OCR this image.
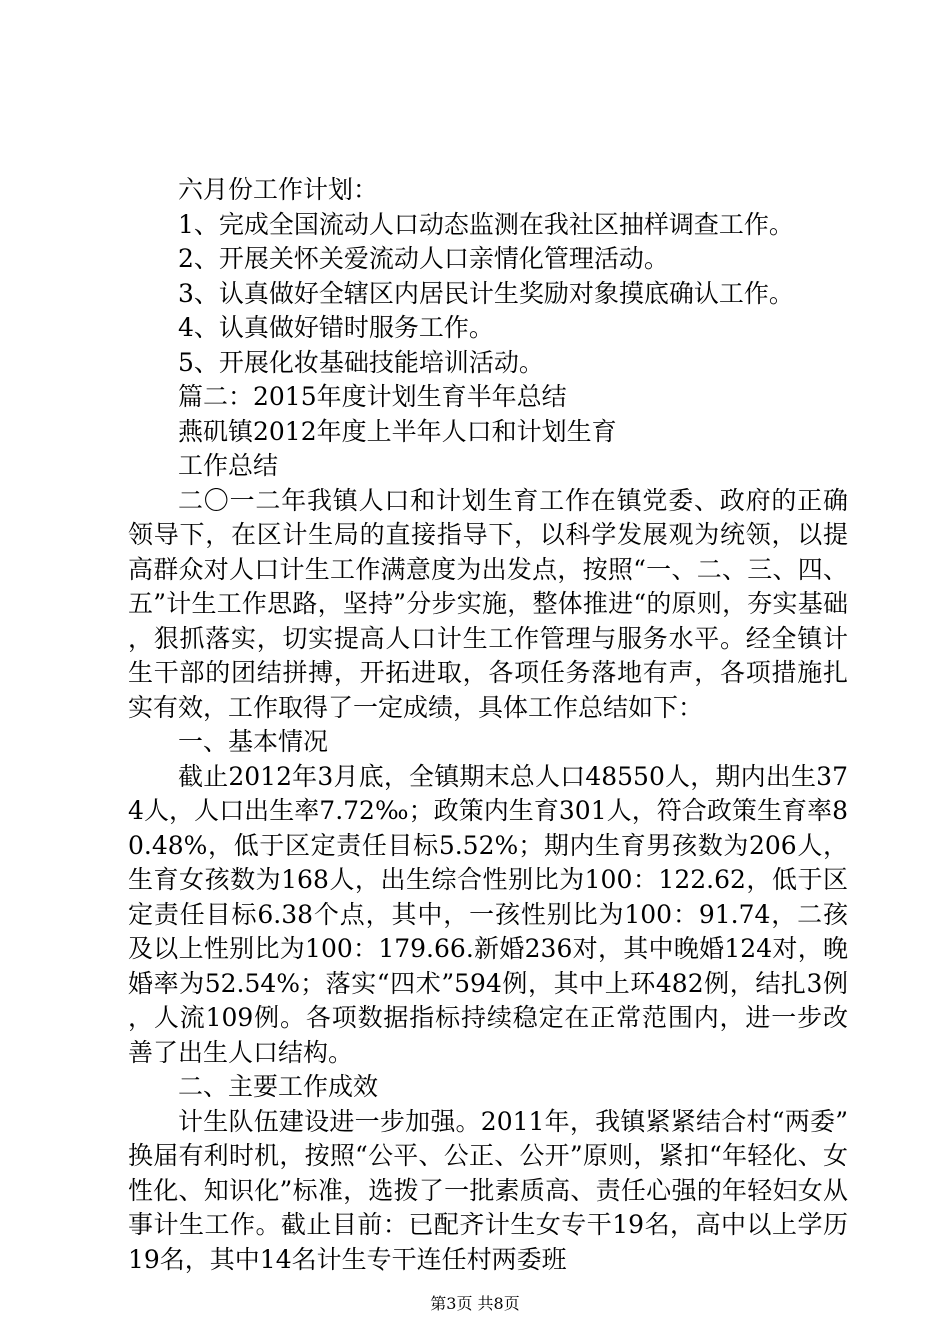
六月份工作计划：

1、完成全国流动人口动态监测在我社区抽样调查工作。

2、开展关怀关爱流动人口亲情化管理活动。

3、认真做好全辖区内居民计生奖励对象摸底确认工作。

4、认真做好错时服务工作。

5、开展化妆基础技能培训活动。

篇二：2015年度计划生育半年总结

燕矶镇2012年度上半年人口和计划生育

工作总结

二〇一二年我镇人口和计划生育工作在镇党委、政府的正确领导下，在区计生局的直接指导下，以科学发展观为统领，以提高群众对人口计生工作满意度为出发点，按照“一、二、三、四、五”计生工作思路，坚持”分步实施，整体推进“的原则，夯实基础，狠抓落实，切实提高人口计生工作管理与服务水平。经全镇计生干部的团结拼搏，开拓进取，各项任务落地有声，各项措施扎实有效，工作取得了一定成绩，具体工作总结如下：

一、基本情况

截止2012年3月底，全镇期末总人口48550人，期内出生374人，人口出生率7.72‰；政策内生育301人，符合政策生育率80.48%，低于区定责任目标5.52%；期内生育男孩数为206人，生育女孩数为168人，出生综合性别比为100：122.62，低于区定责任目标6.38个点，其中，一孩性别比为100：91.74，二孩及以上性别比为100：179.66.新婚236对，其中晚婚124对，晚婚率为52.54%；落实“四术”594例，其中上环482例，结扎3例，人流109例。各项数据指标持续稳定在正常范围内，进一步改善了出生人口结构。

二、主要工作成效

计生队伍建设进一步加强。2011年，我镇紧紧结合村“两委”换届有利时机，按照“公平、公正、公开”原则，紧扣“年轻化、女性化、知识化”标准，选拨了一批素质高、责任心强的年轻妇女从事计生工作。截止目前：已配齐计生女专干19名，高中以上学历19名，其中14名计生专干连任村两委班

第3页 共8页
